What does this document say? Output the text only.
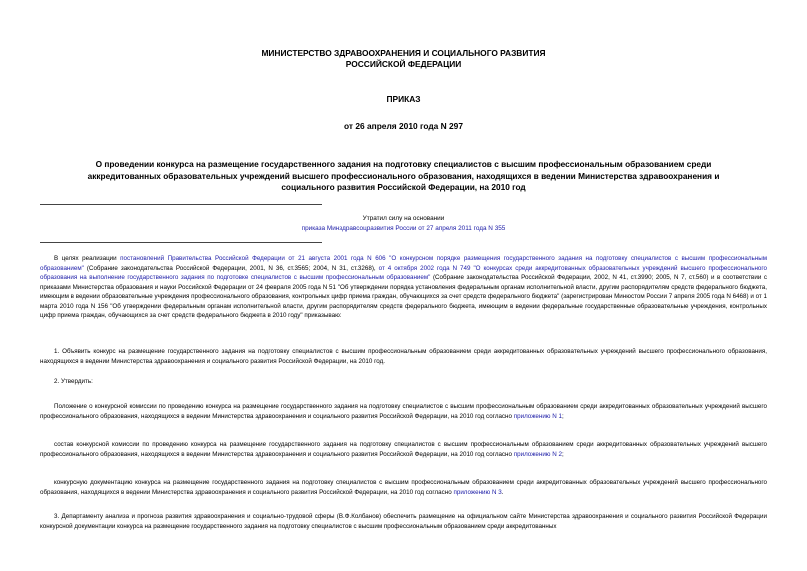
МИНИСТЕРСТВО ЗДРАВООХРАНЕНИЯ И СОЦИАЛЬНОГО РАЗВИТИЯ
РОССИЙСКОЙ ФЕДЕРАЦИИ
ПРИКАЗ
от 26 апреля 2010 года N 297
О проведении конкурса на размещение государственного задания на подготовку специалистов с высшим профессиональным образованием среди аккредитованных образовательных учреждений высшего профессионального образования, находящихся в ведении Министерства здравоохранения и социального развития Российской Федерации, на 2010 год
Утратил силу на основании
приказа Минздравсоцразвития России от 27 апреля 2011 года N 355

В целях реализации постановлений Правительства Российской Федерации от 21 августа 2001 года N 606 "О конкурсном порядке размещения государственного задания на подготовку специалистов с высшим профессиональным образованием" (Собрание законодательства Российской Федерации, 2001, N 36, ст.3565; 2004, N 31, ст.3268), от 4 октября 2002 года N 749 "О конкурсах среди аккредитованных образовательных учреждений высшего профессионального образования на выполнение государственного задания по подготовке специалистов с высшим профессиональным образованием" (Собрание законодательства Российской Федерации, 2002, N 41, ст.3990; 2005, N 7, ст.560) и в соответствии с приказами Министерства образования и науки Российской Федерации от 24 февраля 2005 года N 51 "Об утверждении порядка установления федеральным органам исполнительной власти, другим распорядителям средств федерального бюджета, имеющим в ведении образовательные учреждения профессионального образования, контрольных цифр приема граждан, обучающихся за счет средств федерального бюджета" (зарегистрирован Минюстом России 7 апреля 2005 года N 6468) и от 1 марта 2010 года N 156 "Об утверждении федеральным органам исполнительной власти, другим распорядителям средств федерального бюджета, имеющим в ведении федеральные государственные образовательные учреждения, контрольных цифр приема граждан, обучающихся за счет средств федерального бюджета в 2010 году" приказываю:

1. Объявить конкурс на размещение государственного задания на подготовку специалистов с высшим профессиональным образованием среди аккредитованных образовательных учреждений высшего профессионального образования, находящихся в ведении Министерства здравоохранения и социального развития Российской Федерации, на 2010 год.

2. Утвердить:

Положение о конкурсной комиссии по проведению конкурса на размещение государственного задания на подготовку специалистов с высшим профессиональным образованием среди аккредитованных образовательных учреждений высшего профессионального образования, находящихся в ведении Министерства здравоохранения и социального развития Российской Федерации, на 2010 год согласно приложению N 1;

состав конкурсной комиссии по проведению конкурса на размещение государственного задания на подготовку специалистов с высшим профессиональным образованием среди аккредитованных образовательных учреждений высшего профессионального образования, находящихся в ведении Министерства здравоохранения и социального развития Российской Федерации, на 2010 год согласно приложению N 2;

конкурсную документацию конкурса на размещение государственного задания на подготовку специалистов с высшим профессиональным образованием среди аккредитованных образовательных учреждений высшего профессионального образования, находящихся в ведении Министерства здравоохранения и социального развития Российской Федерации, на 2010 год согласно приложению N 3.

3. Департаменту анализа и прогноза развития здравоохранения и социально-трудовой сферы (В.Ф.Колбанов) обеспечить размещение на официальном сайте Министерства здравоохранения и социального развития Российской Федерации конкурсной документации конкурса на размещение государственного задания на подготовку специалистов с высшим профессиональным образованием среди аккредитованных
